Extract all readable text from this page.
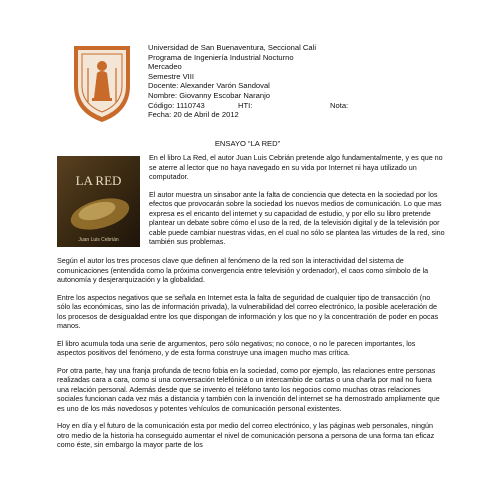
Universidad de San Buenaventura, Seccional Cali
Programa de Ingeniería Industrial Nocturno
Mercadeo
Semestre VIII
Docente: Alexander Varón Sandoval
Nombre: Giovanny Escobar Naranjo
Código: 1110743	HTI:	Nota:
Fecha: 20 de Abril de 2012
ENSAYO “LA RED”
LA RED
Juan Luis Cebrián

En el libro La Red, el autor Juan Luis Cebrián pretende algo fundamentalmente, y es que no se aterre al lector que no haya navegado en su vida por Internet ni haya utilizado un computador.

El autor muestra un sinsabor ante la falta de conciencia que detecta en la sociedad por los efectos que provocarán sobre la sociedad los nuevos medios de comunicación. Lo que mas expresa es el encanto del internet y su capacidad de estudio, y por ello su libro pretende plantear un debate sobre cómo el uso de la red, de la televisión digital y de la televisión por cable puede cambiar nuestras vidas, en el cual no sólo se plantea las virtudes de la red, sino también sus problemas.

Según el autor los tres procesos clave que definen al fenómeno de la red son la interactividad del sistema de comunicaciones (entendida como la próxima convergencia entre televisión y ordenador), el caos como símbolo de la autonomía y desjerarquización y la globalidad.

Entre los aspectos negativos que se señala en Internet esta la falta de seguridad de cualquier tipo de transacción (no sólo las económicas, sino las de información privada), la vulnerabilidad del correo electrónico, la posible aceleración de los procesos de desigualdad entre los que dispongan de información y los que no y la concentración de poder en pocas manos.

El libro acumula toda una serie de argumentos, pero sólo negativos; no conoce, o no le parecen importantes, los aspectos positivos del fenómeno, y de esta forma construye una imagen mucho mas crítica.

Por otra parte, hay una franja profunda de tecno fobia en la sociedad, como por ejemplo, las relaciones entre personas realizadas cara a cara, como si una conversación telefónica o un intercambio de cartas o una charla por mail no fuera una relación personal. Además desde que se invento el teléfono tanto los negocios como muchas otras relaciones sociales funcionan cada vez más a distancia y también con la invención del internet se ha demostrado ampliamente que es uno de los más novedosos y potentes vehículos de comunicación personal existentes.

Hoy en día y el futuro de la comunicación esta por medio del correo electrónico, y las páginas web personales, ningún otro medio de la historia ha conseguido aumentar el nivel de comunicación persona a persona de una forma tan eficaz como éste, sin embargo la mayor parte de los
